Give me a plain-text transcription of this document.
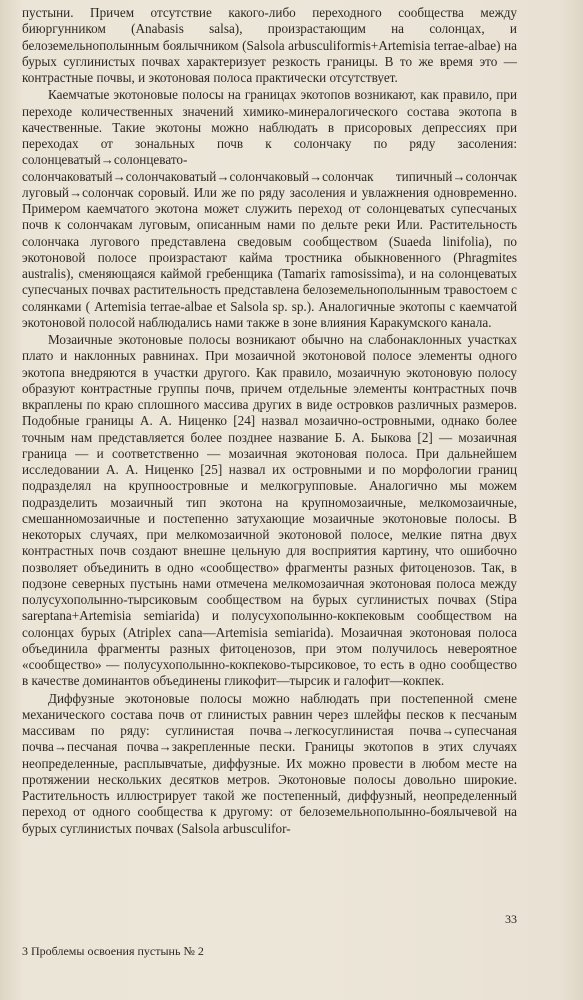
пустыни. Причем отсутствие какого-либо переходного сообщества между биюргунником (Anabasis salsa), произрастающим на солонцах, и белоземельнополынным боялычником (Salsola arbusculiformis+Artemisia terrae-albae) на бурых суглинистых почвах характеризует резкость границы. В то же время это — контрастные почвы, и экотоновая полоса практически отсутствует.

Каемчатые экотоновые полосы на границах экотопов возникают, как правило, при переходе количественных значений химико-минералогического состава экотопа в качественные. Такие экотоны можно наблюдать в присоровых депрессиях при переходах от зональных почв к солончаку по ряду засоления: солонцеватый→солонцевато-солончаковатый→солончаковатый→солончаковый→солончак типичный→солончак луговый→солончак соровый. Или же по ряду засоления и увлажнения одновременно. Примером каемчатого экотона может служить переход от солонцеватых супесчаных почв к солончакам луговым, описанным нами по дельте реки Или. Растительность солончака лугового представлена сведовым сообществом (Suaeda linifolia), по экотоновой полосе произрастают каймa тростника обыкновенного (Phragmites australis), сменяющаяся каймой гребенщика (Tamarix ramosissima), и на солонцеватых супесчаных почвах растительность представлена белоземельнополынным травостоем с солянками ( Artemisia terrae-albae et Salsola sp. sp.). Аналогичные экотопы с каемчатой экотоновой полосой наблюдались нами также в зоне влияния Каракумского канала.

Мозаичные экотоновые полосы возникают обычно на слабонаклонных участках плато и наклонных равнинах. При мозаичной экотоновой полосе элементы одного экотопа внедряются в участки другого. Как правило, мозаичную экотоновую полосу образуют контрастные группы почв, причем отдельные элементы контрастных почв вкраплены по краю сплошного массива других в виде островков различных размеров. Подобные границы А. А. Ниценко [24] назвал мозаично-островными, однако более точным нам представляется более позднее название Б. А. Быкова [2] — мозаичная граница — и соответственно — мозаичная экотоновая полоса. При дальнейшем исследовании А. А. Ниценко [25] назвал их островными и по морфологии границ подразделял на крупноостровные и мелкогрупповые. Аналогично мы можем подразделить мозаичный тип экотона на крупномозаичные, мелкомозаичные, смешанномозаичные и постепенно затухающие мозаичные экотоновые полосы. В некоторых случаях, при мелкомозаичной экотоновой полосе, мелкие пятна двух контрастных почв создают внешне цельную для восприятия картину, что ошибочно позволяет объединить в одно «сообщество» фрагменты разных фитоценозов. Так, в подзоне северных пустынь нами отмечена мелкомозаичная экотоновая полоса между полусухополынно-тырсиковым сообществом на бурых суглинистых почвах (Stipa sareptana+Artemisia semiarida) и полусухополынно-кокпековым сообществом на солонцах бурых (Atriplex cana—Artemisia semiarida). Мозаичная экотоновая полоса объединила фрагменты разных фитоценозов, при этом получилось невероятное «сообщество» — полусухополынно-кокпеково-тырсиковое, то есть в одно сообщество в качестве доминантов объединены гликофит—тырсик и галофит—кокпек.

Диффузные экотоновые полосы можно наблюдать при постепенной смене механического состава почв от глинистых равнин через шлейфы песков к песчаным массивам по ряду: суглинистая почва→легкосуглинистая почва→супесчаная почва→песчаная почва→закрепленные пески. Границы экотопов в этих случаях неопределенные, расплывчатые, диффузные. Их можно провести в любом месте на протяжении нескольких десятков метров. Экотоновые полосы довольно широкие. Растительность иллюстрирует такой же постепенный, диффузный, неопределенный переход от одного сообщества к другому: от белоземельнополынно-боялычевой на бурых суглинистых почвах (Salsola arbusculifor-

3 Проблемы освоения пустынь № 2
33
